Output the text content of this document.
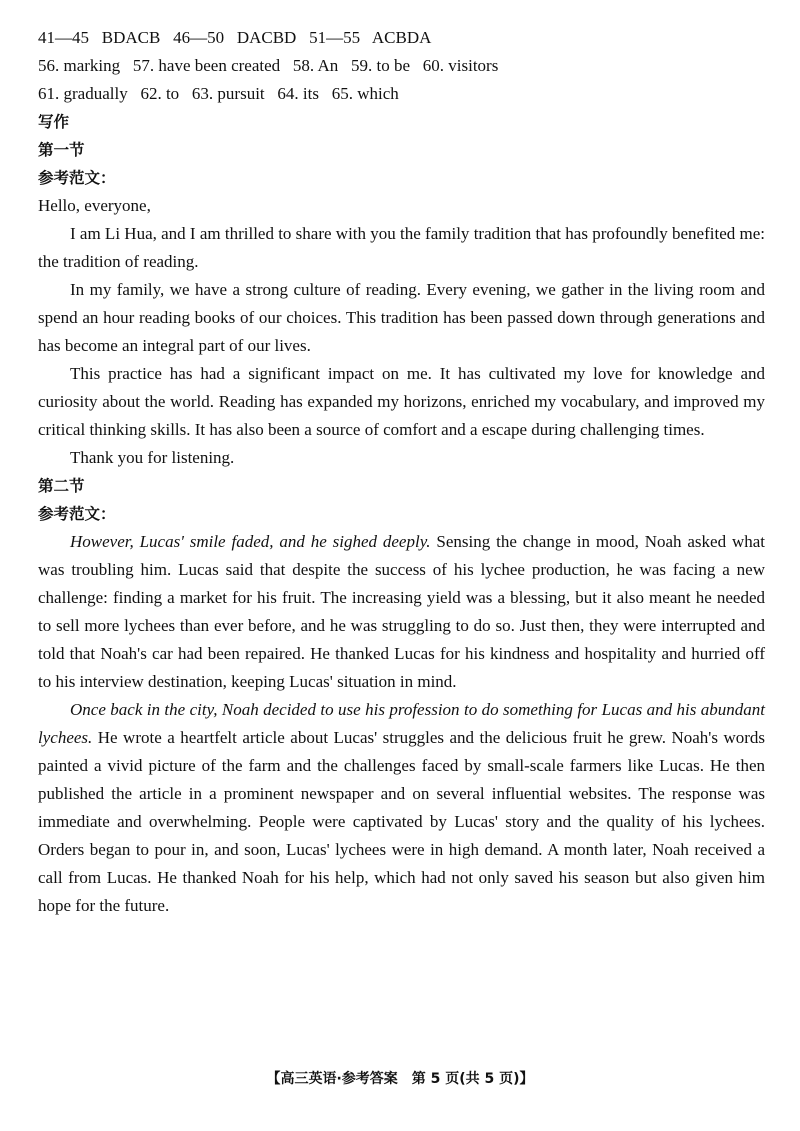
41—45   BDACB   46—50   DACBD   51—55   ACBDA
56. marking   57. have been created   58. An   59. to be   60. visitors
61. gradually   62. to   63. pursuit   64. its   65. which
写作
第一节
参考范文：

Hello, everyone,

I am Li Hua, and I am thrilled to share with you the family tradition that has profoundly benefited me: the tradition of reading.

In my family, we have a strong culture of reading. Every evening, we gather in the living room and spend an hour reading books of our choices. This tradition has been passed down through generations and has become an integral part of our lives.

This practice has had a significant impact on me. It has cultivated my love for knowledge and curiosity about the world. Reading has expanded my horizons, enriched my vocabulary, and improved my critical thinking skills. It has also been a source of comfort and a escape during challenging times.

Thank you for listening.

第二节
参考范文：

However, Lucas' smile faded, and he sighed deeply. Sensing the change in mood, Noah asked what was troubling him. Lucas said that despite the success of his lychee production, he was facing a new challenge: finding a market for his fruit. The increasing yield was a blessing, but it also meant he needed to sell more lychees than ever before, and he was struggling to do so. Just then, they were interrupted and told that Noah's car had been repaired. He thanked Lucas for his kindness and hospitality and hurried off to his interview destination, keeping Lucas' situation in mind.

Once back in the city, Noah decided to use his profession to do something for Lucas and his abundant lychees. He wrote a heartfelt article about Lucas' struggles and the delicious fruit he grew. Noah's words painted a vivid picture of the farm and the challenges faced by small-scale farmers like Lucas. He then published the article in a prominent newspaper and on several influential websites. The response was immediate and overwhelming. People were captivated by Lucas' story and the quality of his lychees. Orders began to pour in, and soon, Lucas' lychees were in high demand. A month later, Noah received a call from Lucas. He thanked Noah for his help, which had not only saved his season but also given him hope for the future.

【高三英语·参考答案　第 5 页(共 5 页)】
